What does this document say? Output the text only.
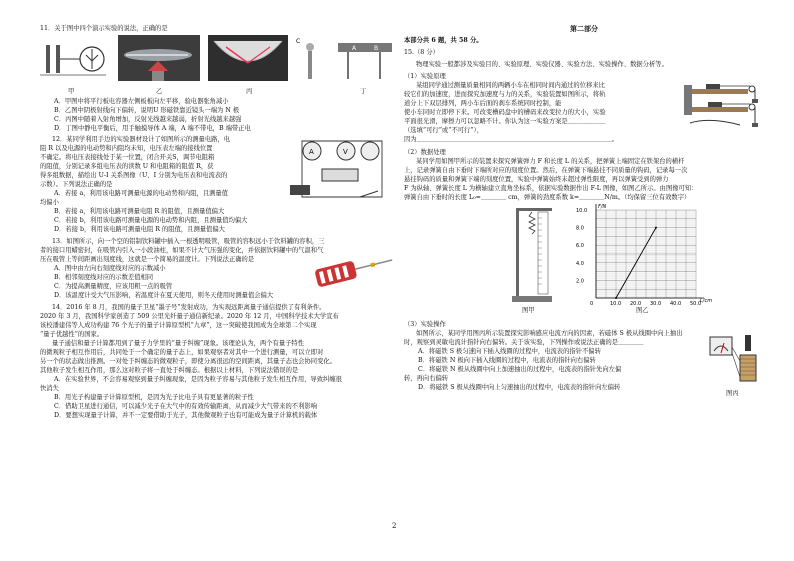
11．关于图中四个演示实验的说法，正确的是

C
A	B
甲	乙	丙	丁

A．甲图中将平行板电容器左侧板板向左平移，验电器张角减小

B．乙图中阴极射线向下偏转，说明U 形磁铁靠近镜头一端为 N 极

C．丙图中随着入射角增加，反射光线越来越弱，折射光线越来越强

D．丁图中静电平衡后，用手触摸导体 A 端，A 端不带电，B 端带正电

12．某同学利用手边的实验器材设计了如图所示的测量电路，电

阻 R 以及电源的电动势和内阻均未知，电压表左端的接线位置

不确定。将电压表接线处于某一位置，闭合开关S，调节电阻箱

的阻值，分别记录多组电压表的读数 U 和电阻箱的阻值 R，获

得多组数据，描绘出 U-I 关系图像（U、I 分别为电压表和电流表的

示数）。下列说法正确的是

A．若接 a，利用该电路可测量电源的电动势和内阻，且测量值

均偏小

A	V

B．若接 a，利用该电路可测量电阻 R 的阻值，且测量值偏大

C．若接 b，利用该电路可测量电源的电动势和内阻，且测量值均偏大

D．若接 b，利用该电路可测量电阻 R 的阻值，且测量值偏大

13．如图所示，向一个空的铝制饮料罐中插入一根透明吸管，吸管的容积远小于饮料罐的容积，三

者的接口用蜡密封，在吸管内引入一小段油柱，如果不计大气压强的变化，并依据饮料罐中的气温和气

压在吸管上等间距画出刻度线，这就是一个简易的温度计。下列说法正确的是

A．图中由左向右刻度线对应的示数减小

B．相邻刻度线对应的示数差值相同

C．为提高测量精度，应该用粗一点的吸管

D．该温度计受大气压影响，若温度计在夏天使用，则冬天使用时测量值会偏大

14．2016 年 8 月，我国的量子卫星“墨子号”发射成功，为实现远距离量子通信提供了有利条件。

2020 年 3 月，我国科学家创造了 509 公里光纤量子通信新纪录。2020 年 12 月，中国科学技术大学宣布

该校潘建伟等人成功构建 76 个光子的量子计算原型机“九章”，这一突破使我国成为全球第二个实现

“量子优越性”的国家。

量子通信和量子计算都用到了量子力学里的“量子纠缠”现象。该理论认为，两个有量子特性

的微观粒子相互作用后，共同处于一个确定的量子态上，如果观察者对其中一个进行测量，可以立即对

另一个的状态做出推测。一对处于纠缠态的微观粒子，即使分离很远的空间距离，其量子态也会协同变化。

其他粒子发生相互作用，那么这对粒子将一直处于纠缠态。根据以上材料，下列说法错误的是

A．在实验世界，不会容易观察到量子纠缠现象，是因为粒子容易与其他粒子发生相互作用，导致纠缠很

快消失

B．用光子构建量子计算原型机，是因为光子比电子具有更显著的粒子性

C．借助卫星进行通信，可以减少光子在大气中的有效传输距离，从而减少大气带来的不利影响

D．要想实现量子计算，并不一定要借助于光子，其他微观粒子也有可能成为量子计算机的载体

第二部分

本部分共 6 题，共 58 分。

15.（8 分）

物理实验一般都涉及实验目的、实验原理、实验仪器、实验方法、实验操作、数据分析等。

（1）实验原理

某组同学通过测量质量相同的两辆小车在相同时间内通过的位移来比

较它们的加速度，进而探究加速度与力的关系，实验装置如图所示，将轨

道分上下双层排列，两小车后面的刹车系统同时控制，能

使小车同时立即停下来。可改变槽码盘中的槽码来改变拉力的大小，实验

平面很光滑，摩擦力可以忽略不计。你认为这一实验方案是＿＿＿＿＿＿

（选填“可行”或“不可行”），

因为＿＿＿＿＿＿＿＿＿＿＿＿＿＿＿＿＿＿＿＿＿＿＿＿＿＿＿＿＿＿＿。

（2）数据处理

某同学用如图甲所示的装置来探究弹簧弹力 F 和长度 L 的关系，把弹簧上端固定在铁架台的横杆

上，记录弹簧自由下垂时下端所对应的刻度位置。然后，在弹簧下端悬挂不同质量的钩码，记录每一次

悬挂钩码的质量和弹簧下端的刻度位置，实验中弹簧始终未超过弹性限度，再以弹簧受到的弹力

F 为纵轴、弹簧长度 L 为横轴建立直角坐标系，依据实验数据作出 F-L 图像，如图乙所示。由图像可知：

弹簧自由下垂时的长度 L₀=＿＿＿＿ cm，弹簧的劲度系数 k=＿＿＿＿N/m。（均保留三位有效数字）

图甲
0	10.0 20.0 30.0 40.0 50.0
2.0
4.0
6.0
8.0
10.0
L/cm
F/N
图乙

（3）实验操作

如图所示，某同学用图丙所示装置探究影响感应电流方向的因素，若磁体 S 极从线圈中向上抽出

时，观察到灵敏电流计指针向右偏转。关于该实验，下列操作或说法正确的是＿＿＿＿

A．将磁铁 S 极匀速向下插入线圈的过程中，电流表的指针不偏转

B．将磁铁 N 极向下插入线圈的过程中，电流表的指针向右偏转

C．将磁铁 N 极从线圈中向上加速抽出的过程中，电流表的指针先向左偏

转，再向右偏转

D．将磁铁 S 极从线圈中向上匀速抽出的过程中，电流表的指针向左偏转

图丙
2
